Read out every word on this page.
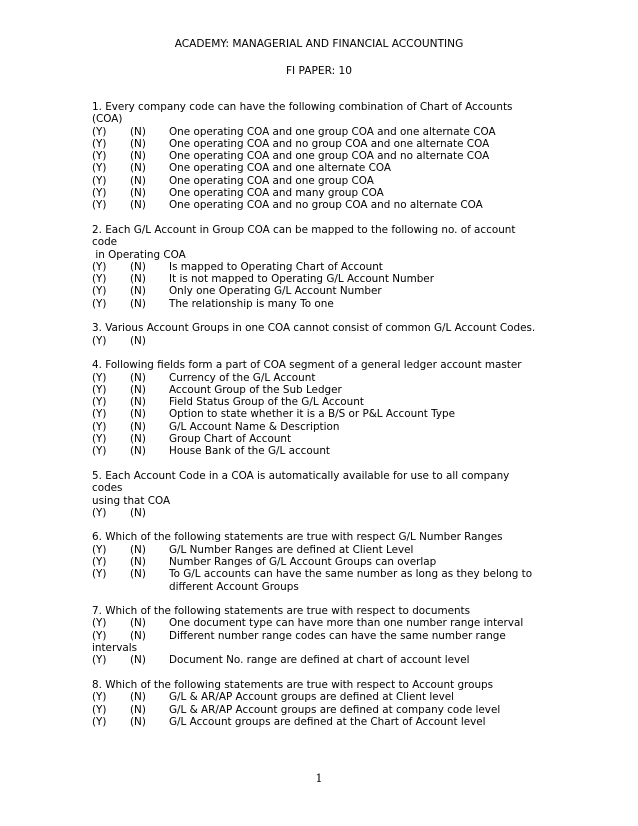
ACADEMY: MANAGERIAL AND FINANCIAL ACCOUNTING
FI PAPER: 10
1. Every company code can have the following combination of Chart of Accounts
(COA)
(Y) (N) One operating COA and one group COA and one alternate COA
(Y) (N) One operating COA and no group COA and one alternate COA
(Y) (N) One operating COA and one group COA and no alternate COA
(Y) (N) One operating COA and one alternate COA
(Y) (N) One operating COA and one group COA
(Y) (N) One operating COA and many group COA
(Y) (N) One operating COA and no group COA and no alternate COA
2. Each G/L Account in Group COA can be mapped to the following no. of account
code
in Operating COA
(Y) (N) Is mapped to Operating Chart of Account
(Y) (N) It is not mapped to Operating G/L Account Number
(Y) (N) Only one Operating G/L Account Number
(Y) (N) The relationship is many To one
3. Various Account Groups in one COA cannot consist of common G/L Account Codes.
(Y) (N)
4. Following fields form a part of COA segment of a general ledger account master
(Y) (N) Currency of the G/L Account
(Y) (N) Account Group of the Sub Ledger
(Y) (N) Field Status Group of the G/L Account
(Y) (N) Option to state whether it is a B/S or P&L Account Type
(Y) (N) G/L Account Name & Description
(Y) (N) Group Chart of Account
(Y) (N) House Bank of the G/L account
5. Each Account Code in a COA is automatically available for use to all company
codes
using that COA
(Y) (N)
6. Which of the following statements are true with respect G/L Number Ranges
(Y) (N) G/L Number Ranges are defined at Client Level
(Y) (N) Number Ranges of G/L Account Groups can overlap
(Y) (N) To G/L accounts can have the same number as long as they belong to different Account Groups
7. Which of the following statements are true with respect to documents
(Y) (N) One document type can have more than one number range interval
(Y) (N) Different number range codes can have the same number range
intervals
(Y) (N) Document No. range are defined at chart of account level
8. Which of the following statements are true with respect to Account groups
(Y) (N) G/L & AR/AP Account groups are defined at Client level
(Y) (N) G/L & AR/AP Account groups are defined at company code level
(Y) (N) G/L Account groups are defined at the Chart of Account level
1
